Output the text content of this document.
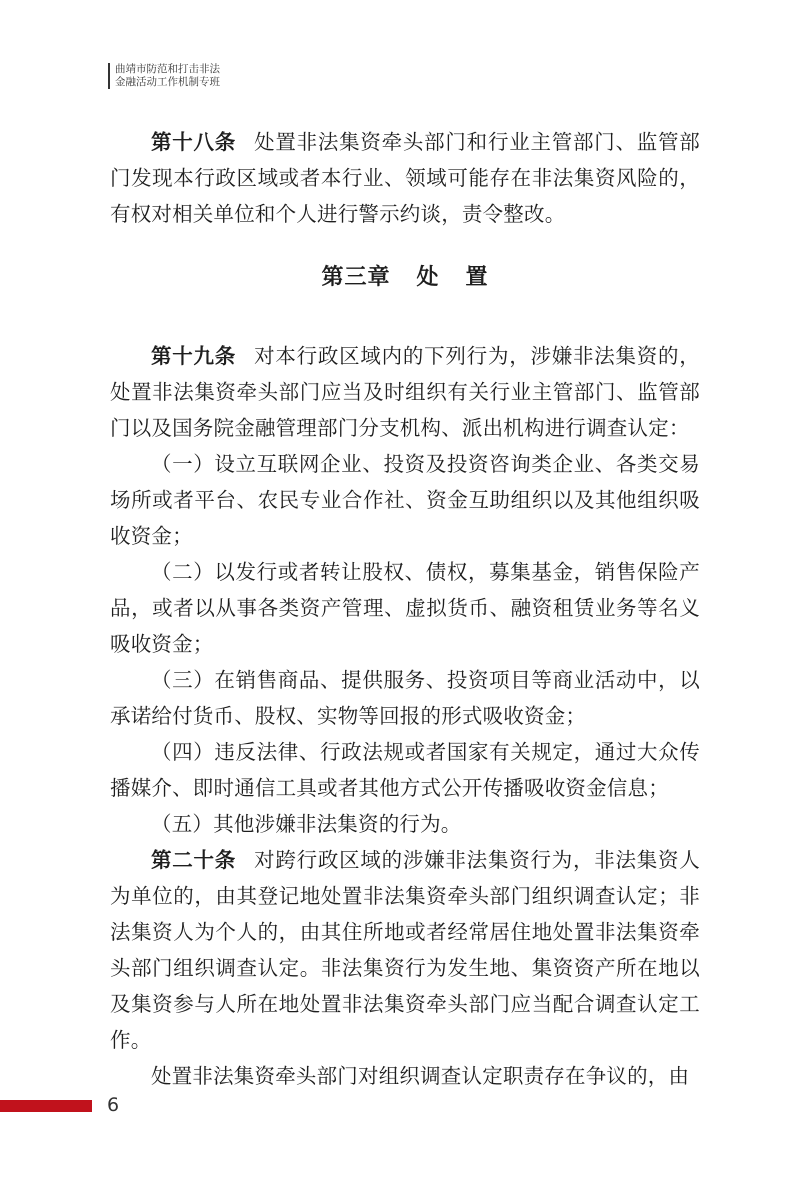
曲靖市防范和打击非法
金融活动工作机制专班

第十八条 处置非法集资牵头部门和行业主管部门、监管部门发现本行政区域或者本行业、领域可能存在非法集资风险的，有权对相关单位和个人进行警示约谈，责令整改。

第三章   处   置

第十九条 对本行政区域内的下列行为，涉嫌非法集资的，处置非法集资牵头部门应当及时组织有关行业主管部门、监管部门以及国务院金融管理部门分支机构、派出机构进行调查认定：

（一）设立互联网企业、投资及投资咨询类企业、各类交易场所或者平台、农民专业合作社、资金互助组织以及其他组织吸收资金；

（二）以发行或者转让股权、债权，募集基金，销售保险产品，或者以从事各类资产管理、虚拟货币、融资租赁业务等名义吸收资金；

（三）在销售商品、提供服务、投资项目等商业活动中，以承诺给付货币、股权、实物等回报的形式吸收资金；

（四）违反法律、行政法规或者国家有关规定，通过大众传播媒介、即时通信工具或者其他方式公开传播吸收资金信息；

（五）其他涉嫌非法集资的行为。

第二十条 对跨行政区域的涉嫌非法集资行为，非法集资人为单位的，由其登记地处置非法集资牵头部门组织调查认定；非法集资人为个人的，由其住所地或者经常居住地处置非法集资牵头部门组织调查认定。非法集资行为发生地、集资资产所在地以及集资参与人所在地处置非法集资牵头部门应当配合调查认定工作。

处置非法集资牵头部门对组织调查认定职责存在争议的，由

6
